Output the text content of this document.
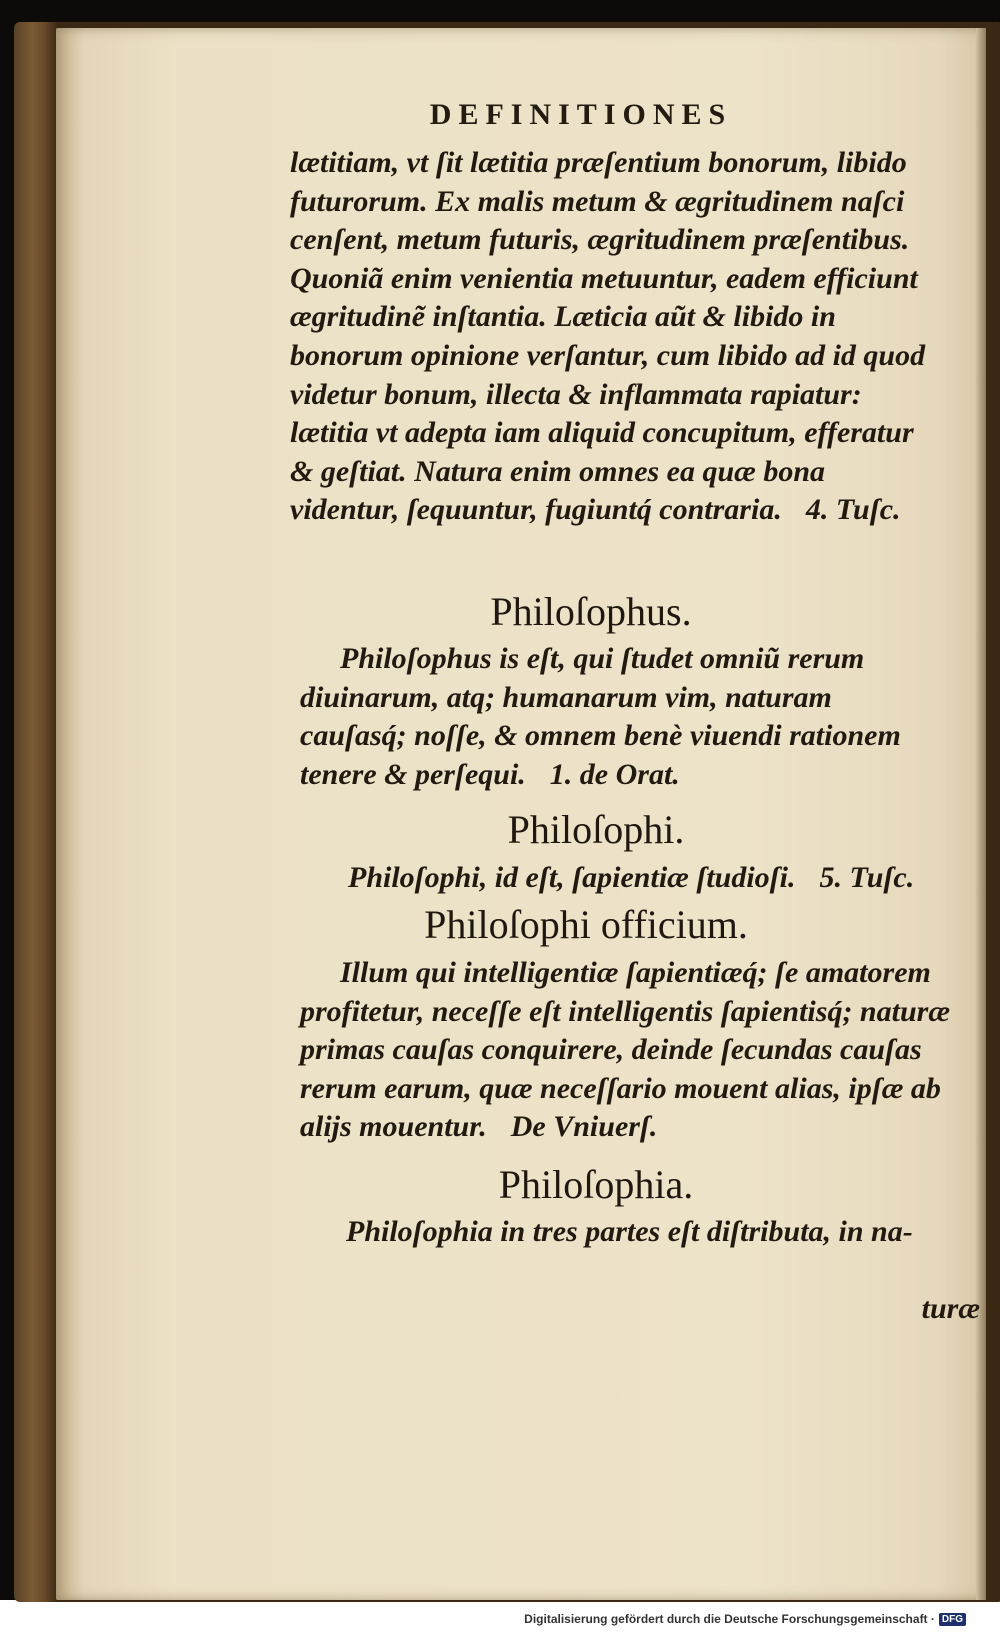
DEFINITIONES

lætitiam, vt ſit lætitia præſentium bonorum, libido futurorum. Ex malis metum & ægritudinem naſci cenſent, metum futuris, ægritudinem præſentibus. Quoniã enim venientia metuuntur, eadem efficiunt ægritudinẽ inſtantia. Læticia aũt & libido in bonorum opinione verſantur, cum libido ad id quod videtur bonum, illecta & inflammata rapiatur: lætitia vt adepta iam aliquid concupitum, efferatur & geſtiat. Natura enim omnes ea quæ bona videntur, ſequuntur, fugiuntq́ contraria. 4. Tuſc.

Philoſophus.

Philoſophus is eſt, qui ſtudet omniũ rerum diuinarum, atq; humanarum vim, naturam cauſasq́; noſſe, & omnem benè viuendi rationem tenere & perſequi. 1. de Orat.

Philoſophi.

Philoſophi, id eſt, ſapientiæ ſtudioſi. 5. Tuſc.

Philoſophi officium.

Illum qui intelligentiæ ſapientiæq́; ſe amatorem profitetur, neceſſe eſt intelligentis ſapientisq́; naturæ primas cauſas conquirere, deinde ſecundas cauſas rerum earum, quæ neceſſario mouent alias, ipſæ ab alijs mouentur. De Vniuerſ.

Philoſophia.

Philoſophia in tres partes eſt diſtributa, in na-

turæ

Digitalisierung gefördert durch die Deutsche Forschungsgemeinschaft · DFG
